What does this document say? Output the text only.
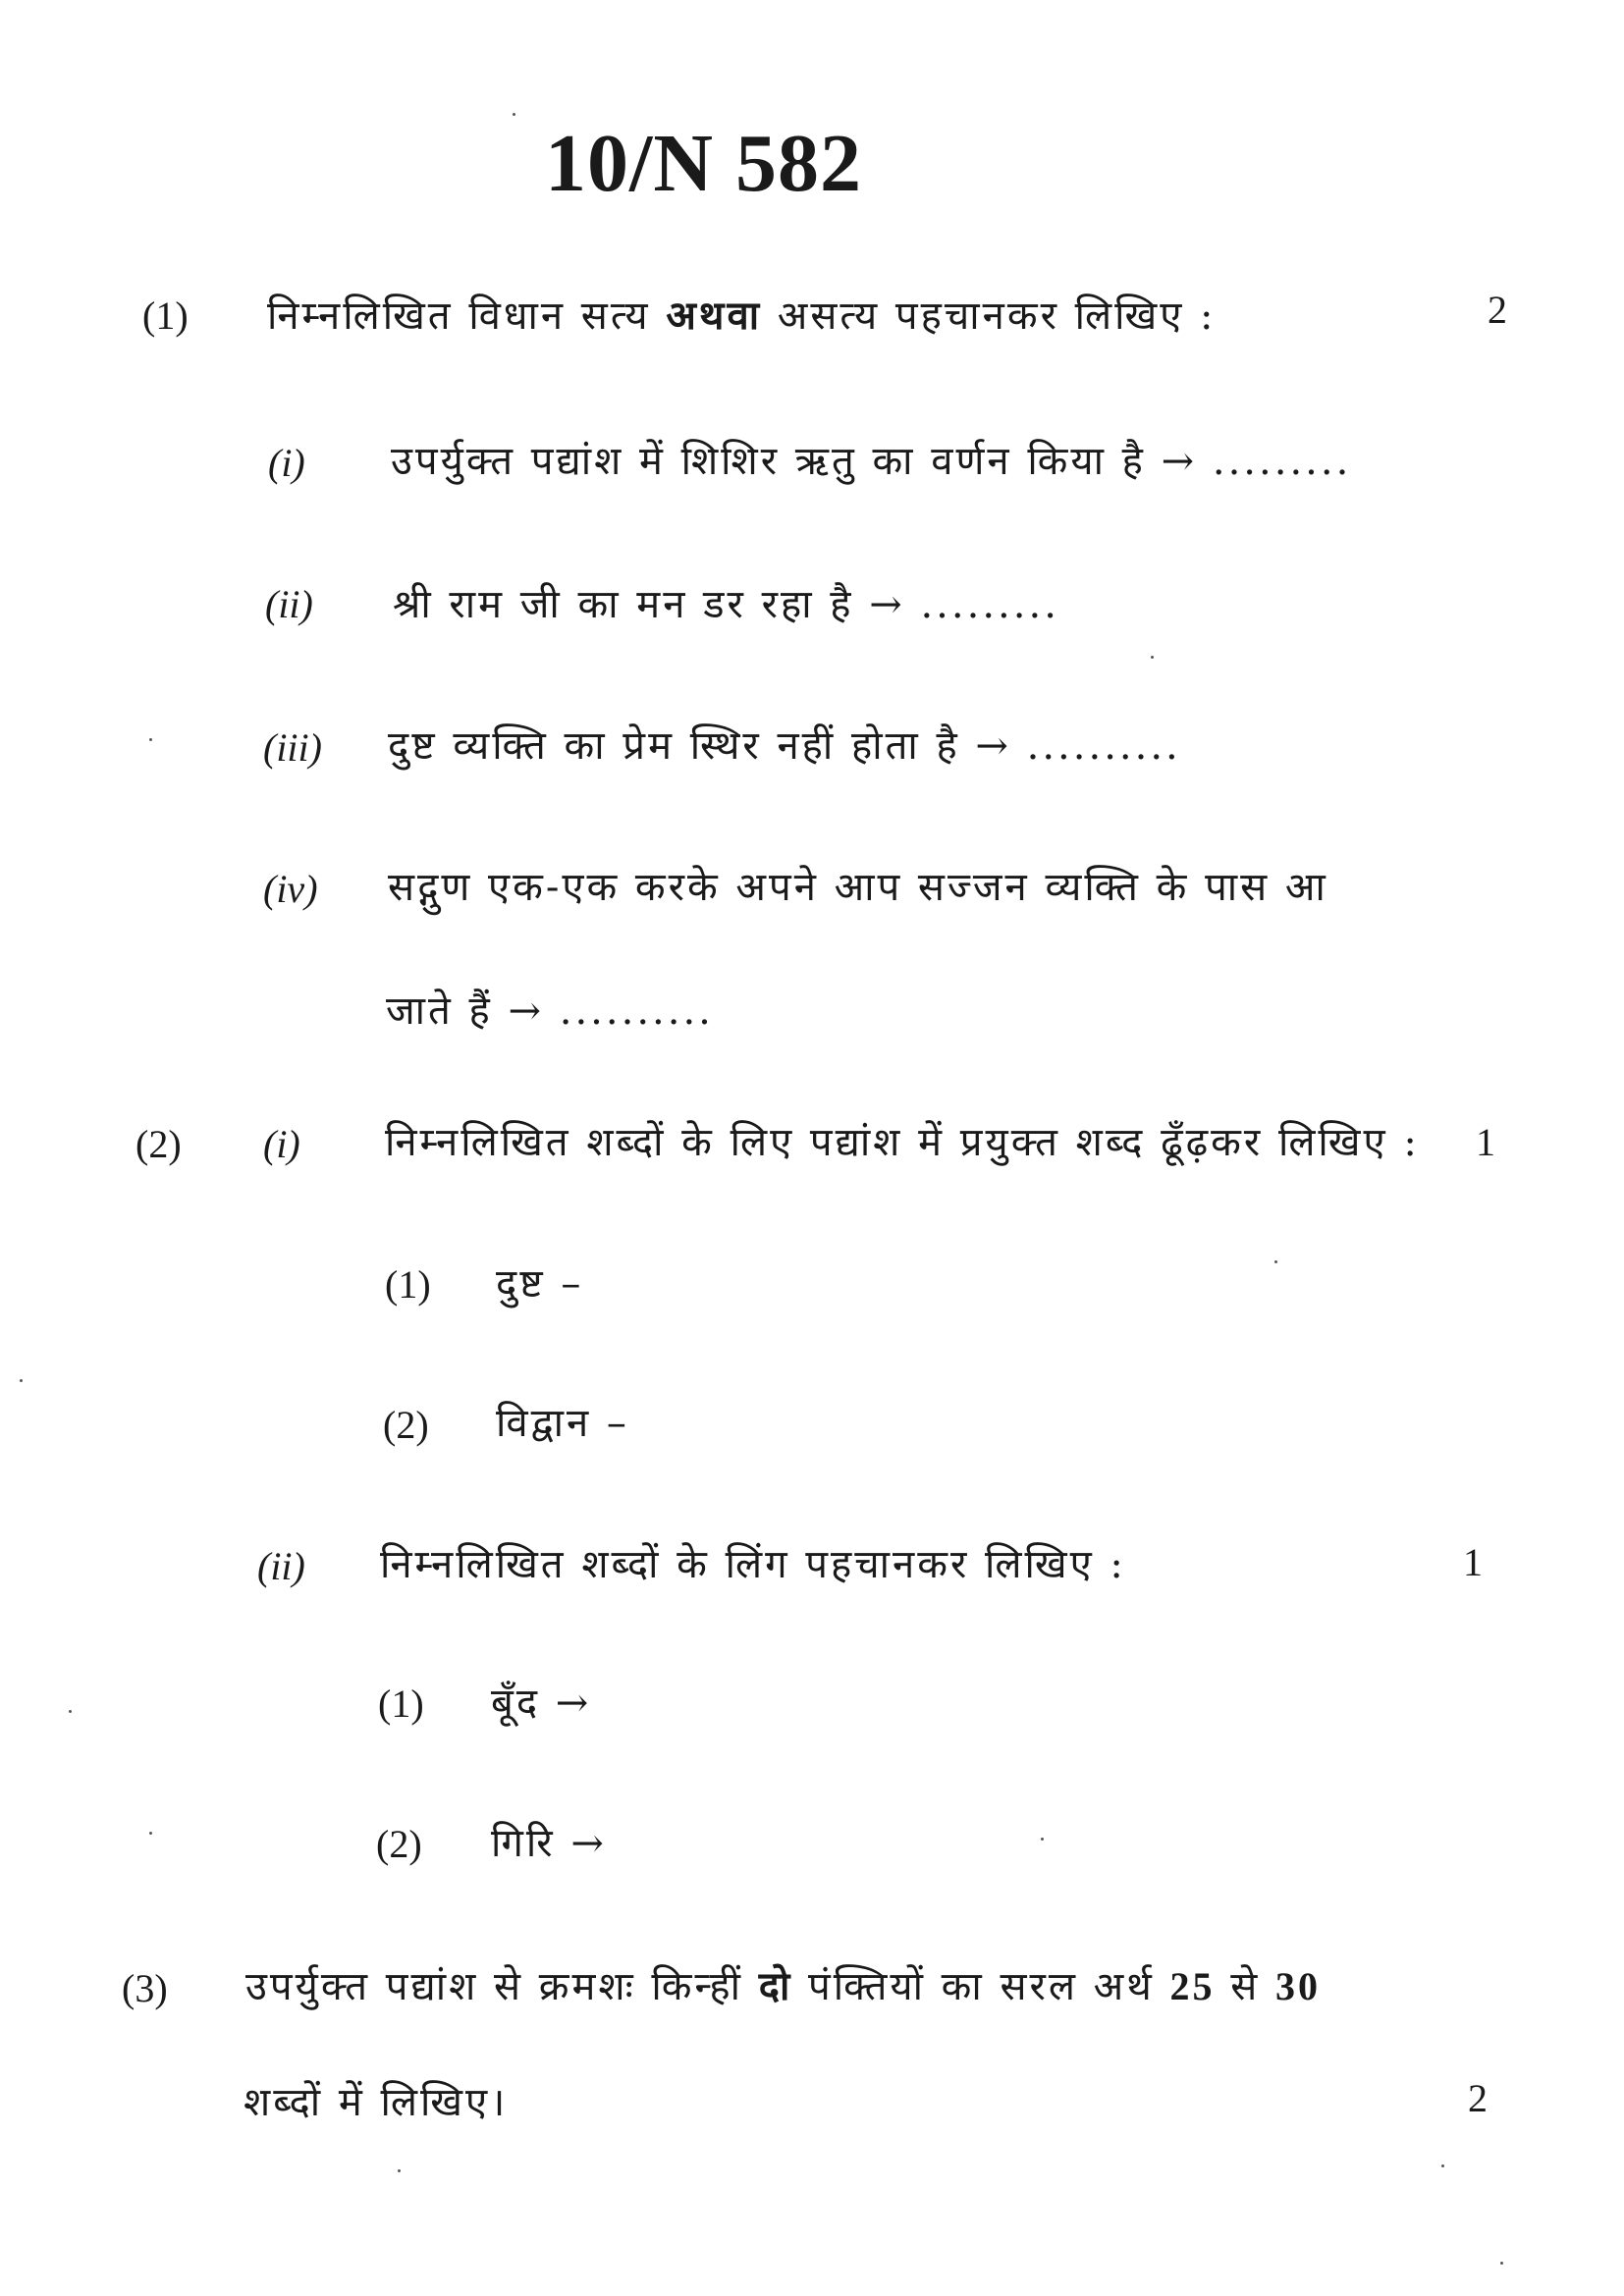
10/N 582
(1) निम्नलिखित विधान सत्य अथवा असत्य पहचानकर लिखिए :	2
(i) उपर्युक्त पद्यांश में शिशिर ऋतु का वर्णन किया है → .........
(ii) श्री राम जी का मन डर रहा है → .........
(iii) दुष्ट व्यक्ति का प्रेम स्थिर नहीं होता है → ..........
(iv) सद्गुण एक-एक करके अपने आप सज्जन व्यक्ति के पास आ
जाते हैं → ..........
(2) (i) निम्नलिखित शब्दों के लिए पद्यांश में प्रयुक्त शब्द ढूँढ़कर लिखिए : 1
(1) दुष्ट –
(2) विद्वान –
(ii) निम्नलिखित शब्दों के लिंग पहचानकर लिखिए :	1
(1) बूँद →
(2) गिरि →
(3) उपर्युक्त पद्यांश से क्रमशः किन्हीं दो पंक्तियों का सरल अर्थ 25 से 30
शब्दों में लिखिए।	2
